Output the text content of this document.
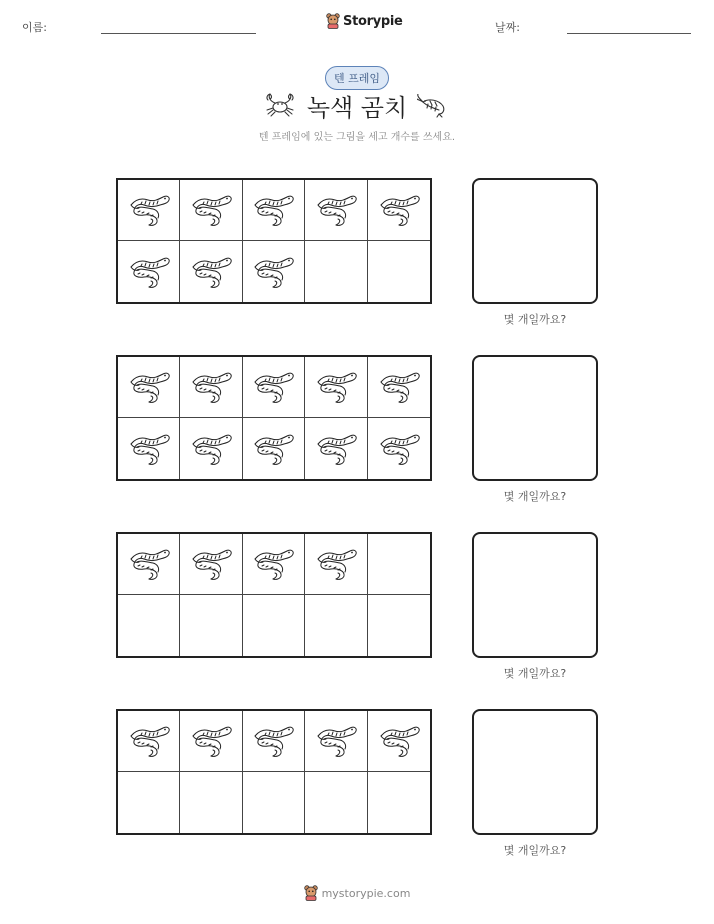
이름:	Storypie	날짜:
텐 프레임
녹색 곰치
텐 프레임에 있는 그림을 세고 개수를 쓰세요.
몇 개일까요?
몇 개일까요?
몇 개일까요?
몇 개일까요?
mystorypie.com
